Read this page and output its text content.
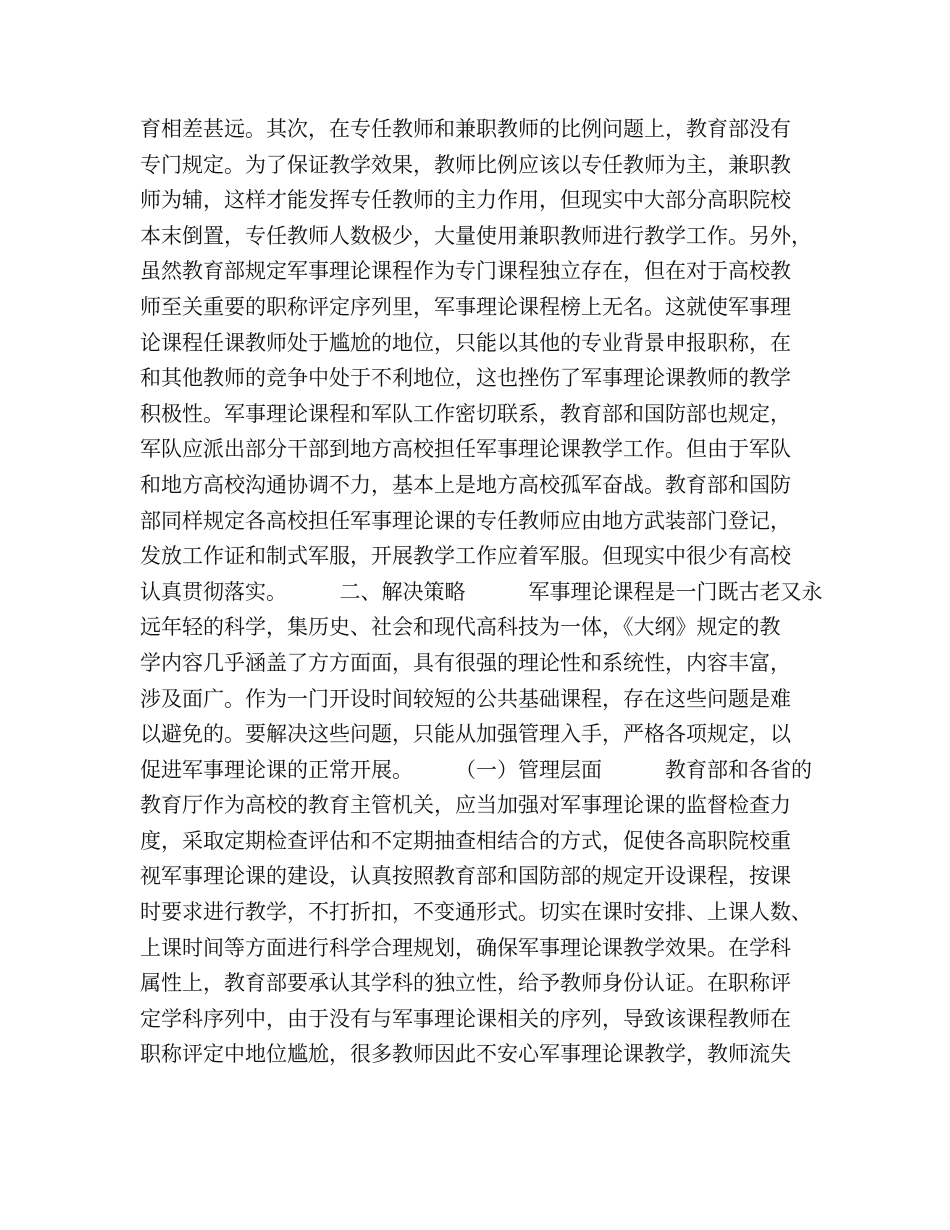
育相差甚远。其次，在专任教师和兼职教师的比例问题上，教育部没有
专门规定。为了保证教学效果，教师比例应该以专任教师为主，兼职教
师为辅，这样才能发挥专任教师的主力作用，但现实中大部分高职院校
本末倒置，专任教师人数极少，大量使用兼职教师进行教学工作。另外，
虽然教育部规定军事理论课程作为专门课程独立存在，但在对于高校教
师至关重要的职称评定序列里，军事理论课程榜上无名。这就使军事理
论课程任课教师处于尴尬的地位，只能以其他的专业背景申报职称，在
和其他教师的竞争中处于不利地位，这也挫伤了军事理论课教师的教学
积极性。军事理论课程和军队工作密切联系，教育部和国防部也规定，
军队应派出部分干部到地方高校担任军事理论课教学工作。但由于军队
和地方高校沟通协调不力，基本上是地方高校孤军奋战。教育部和国防
部同样规定各高校担任军事理论课的专任教师应由地方武装部门登记，
发放工作证和制式军服，开展教学工作应着军服。但现实中很少有高校
认真贯彻落实。　　　二、解决策略　　　军事理论课程是一门既古老又永
远年轻的科学，集历史、社会和现代高科技为一体，《大纲》规定的教
学内容几乎涵盖了方方面面，具有很强的理论性和系统性，内容丰富，
涉及面广。作为一门开设时间较短的公共基础课程，存在这些问题是难
以避免的。要解决这些问题，只能从加强管理入手，严格各项规定，以
促进军事理论课的正常开展。　　　（一）管理层面　　　教育部和各省的
教育厅作为高校的教育主管机关，应当加强对军事理论课的监督检查力
度，采取定期检查评估和不定期抽查相结合的方式，促使各高职院校重
视军事理论课的建设，认真按照教育部和国防部的规定开设课程，按课
时要求进行教学，不打折扣，不变通形式。切实在课时安排、上课人数、
上课时间等方面进行科学合理规划，确保军事理论课教学效果。在学科
属性上，教育部要承认其学科的独立性，给予教师身份认证。在职称评
定学科序列中，由于没有与军事理论课相关的序列，导致该课程教师在
职称评定中地位尴尬，很多教师因此不安心军事理论课教学，教师流失
